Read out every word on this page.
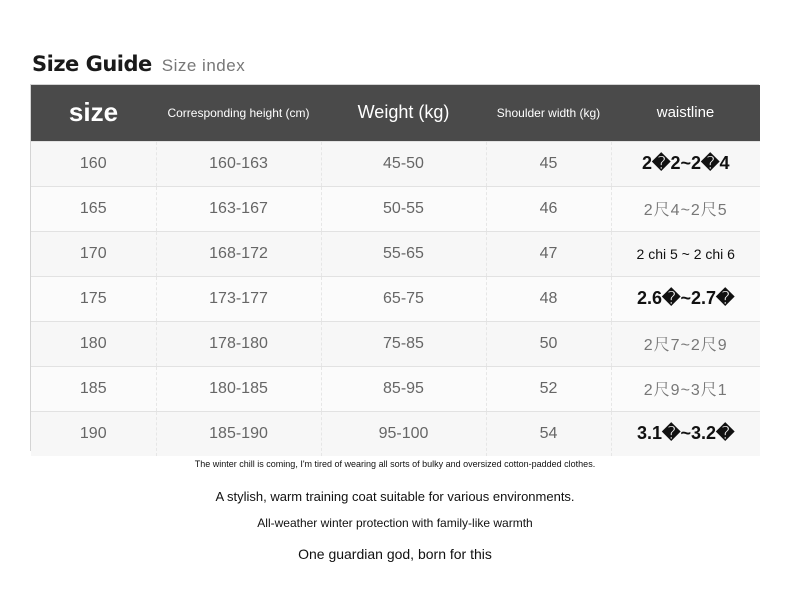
Size Guide Size index
size	Corresponding height (cm)	Weight (kg)	Shoulder width (kg)	waistline
160	160-163	45-50	45	2�2~2�4
165	163-167	50-55	46	2尺4~2尺5
170	168-172	55-65	47	2 chi 5 ~ 2 chi 6
175	173-177	65-75	48	2.6�~2.7�
180	178-180	75-85	50	2尺7~2尺9
185	180-185	85-95	52	2尺9~3尺1
190	185-190	95-100	54	3.1�~3.2�
The winter chill is coming, I'm tired of wearing all sorts of bulky and oversized cotton-padded clothes.
A stylish, warm training coat suitable for various environments.
All-weather winter protection with family-like warmth
One guardian god, born for this
